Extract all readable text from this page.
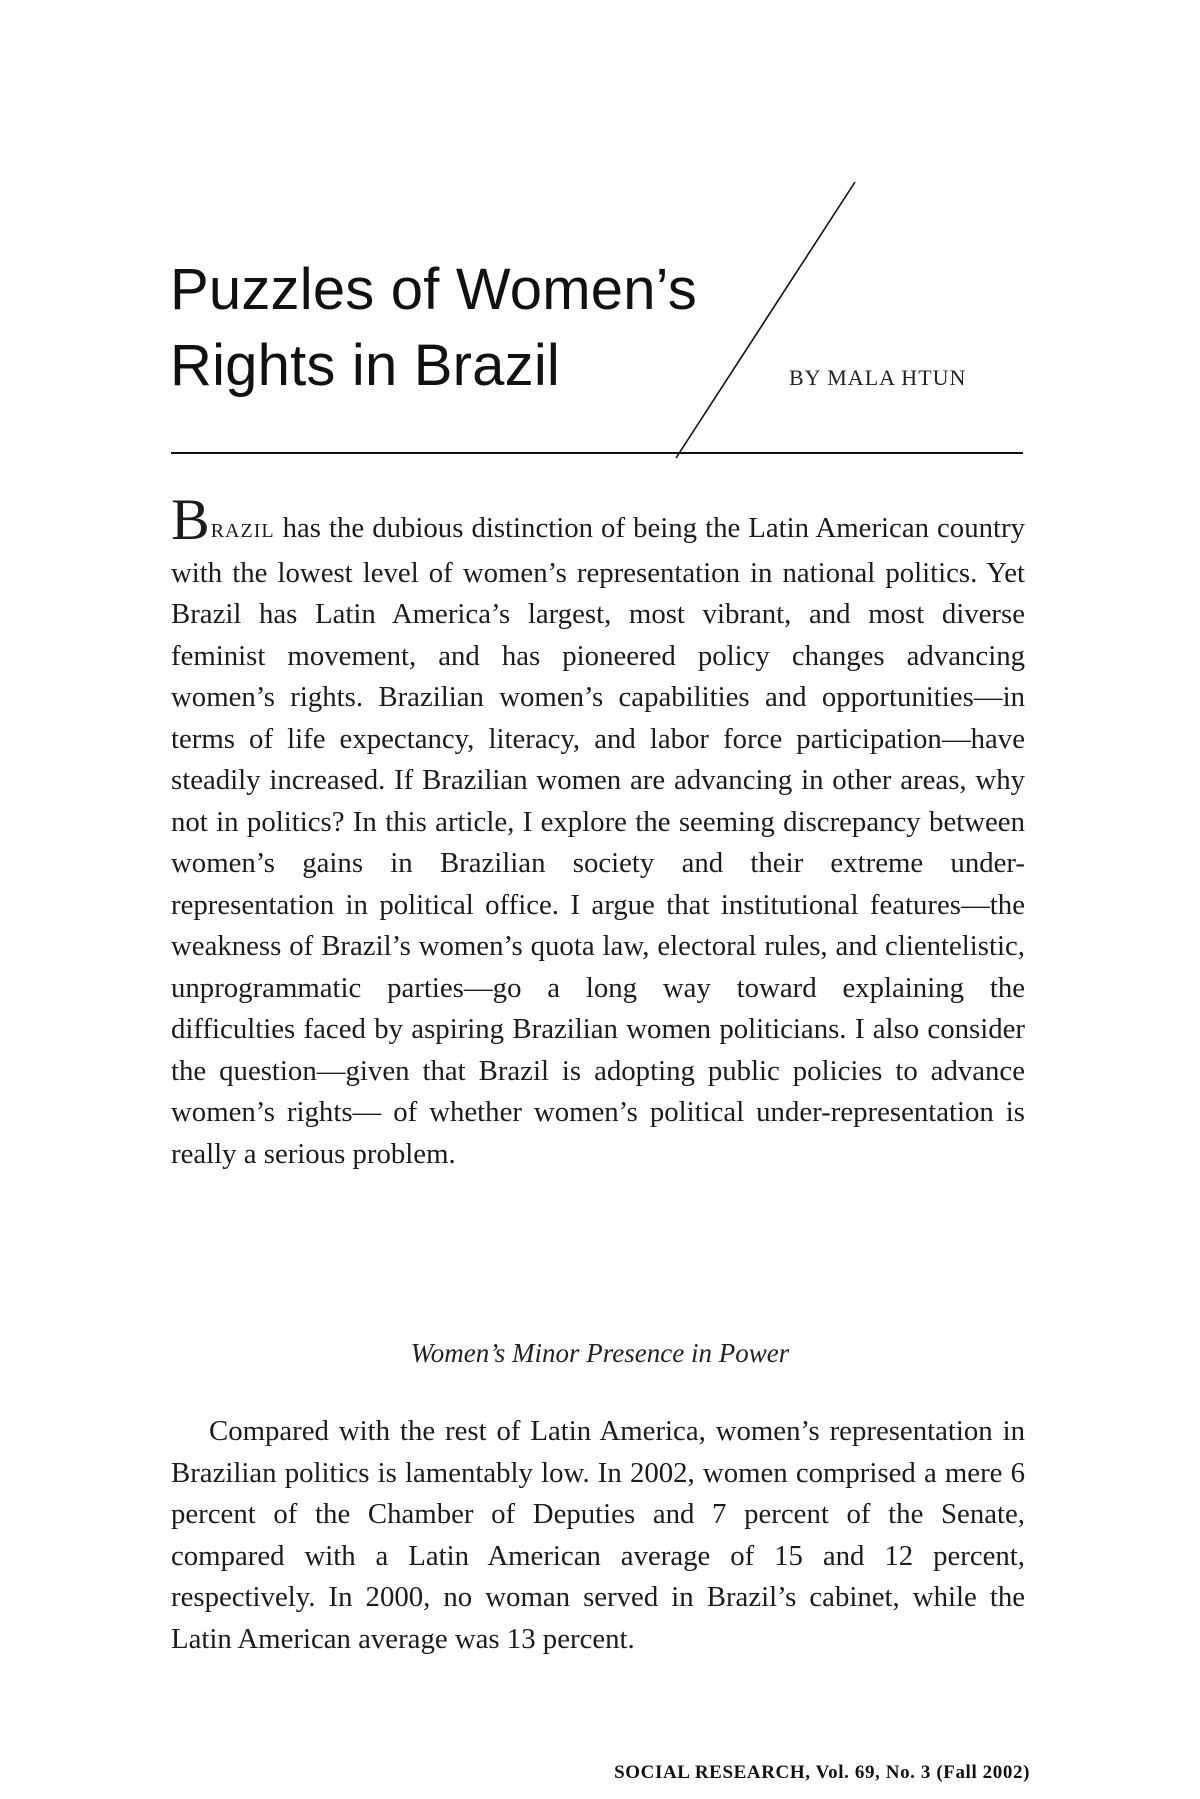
Puzzles of Women’s
Rights in Brazil	BY MALA HTUN

BRAZIL has the dubious distinction of being the Latin American country with the lowest level of women’s representation in national politics. Yet Brazil has Latin America’s largest, most vibrant, and most diverse feminist movement, and has pioneered policy changes advancing women’s rights. Brazilian women’s capabilities and opportunities—in terms of life expectancy, literacy, and labor force participation—have steadily increased. If Brazilian women are advancing in other areas, why not in politics? In this article, I explore the seeming discrepancy between women’s gains in Brazilian society and their extreme under-representation in political office. I argue that institutional features—the weakness of Brazil’s women’s quota law, electoral rules, and clientelistic, unprogrammatic parties—go a long way toward explaining the difficulties faced by aspiring Brazilian women politicians. I also consider the question—given that Brazil is adopting public policies to advance women’s rights— of whether women’s political under-representation is really a serious problem.

Women’s Minor Presence in Power

Compared with the rest of Latin America, women’s representation in Brazilian politics is lamentably low. In 2002, women comprised a mere 6 percent of the Chamber of Deputies and 7 percent of the Senate, compared with a Latin American average of 15 and 12 percent, respectively. In 2000, no woman served in Brazil’s cabinet, while the Latin American average was 13 percent.

SOCIAL RESEARCH, Vol. 69, No. 3 (Fall 2002)
